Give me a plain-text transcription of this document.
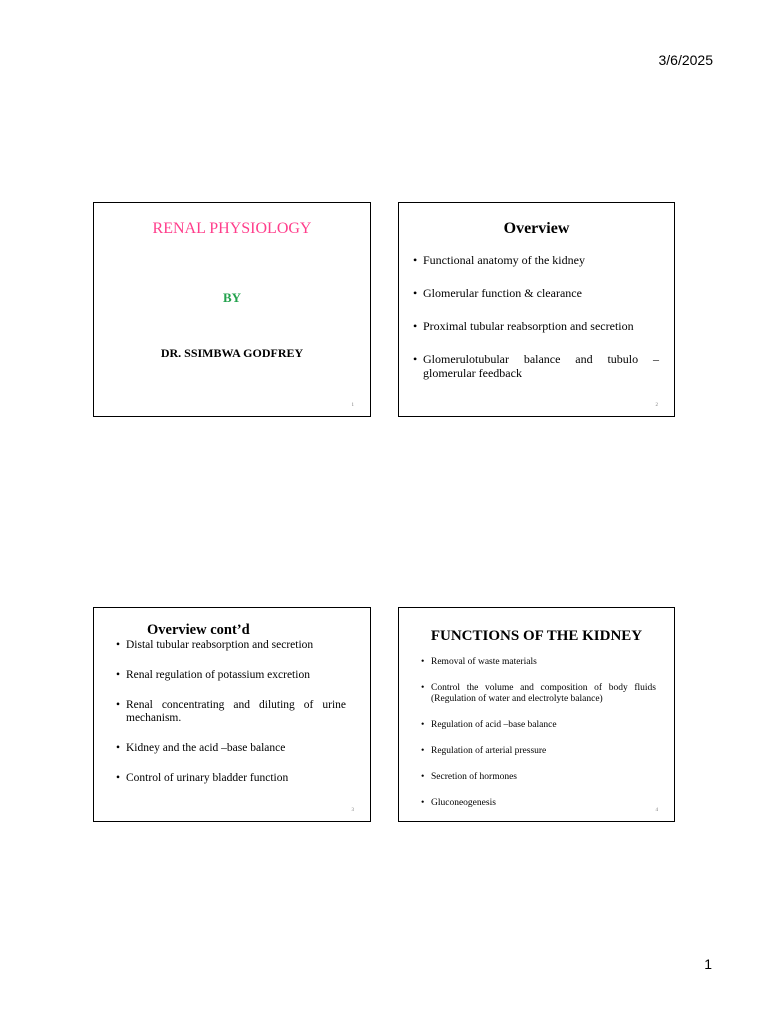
3/6/2025
RENAL PHYSIOLOGY
BY
DR. SSIMBWA GODFREY
1
Overview
• Functional anatomy of the kidney
• Glomerular function & clearance
• Proximal tubular reabsorption and secretion
• Glomerulotubular balance and tubulo – glomerular feedback
2
Overview cont’d
• Distal tubular reabsorption and secretion
• Renal regulation of potassium excretion
• Renal concentrating and diluting of urine mechanism.
• Kidney and the acid –base balance
• Control of urinary bladder function
3
FUNCTIONS OF THE KIDNEY
• Removal of waste materials
• Control the volume and composition of body fluids (Regulation of water and electrolyte balance)
• Regulation of acid –base balance
• Regulation of arterial pressure
• Secretion of hormones
• Gluconeogenesis
4
1
